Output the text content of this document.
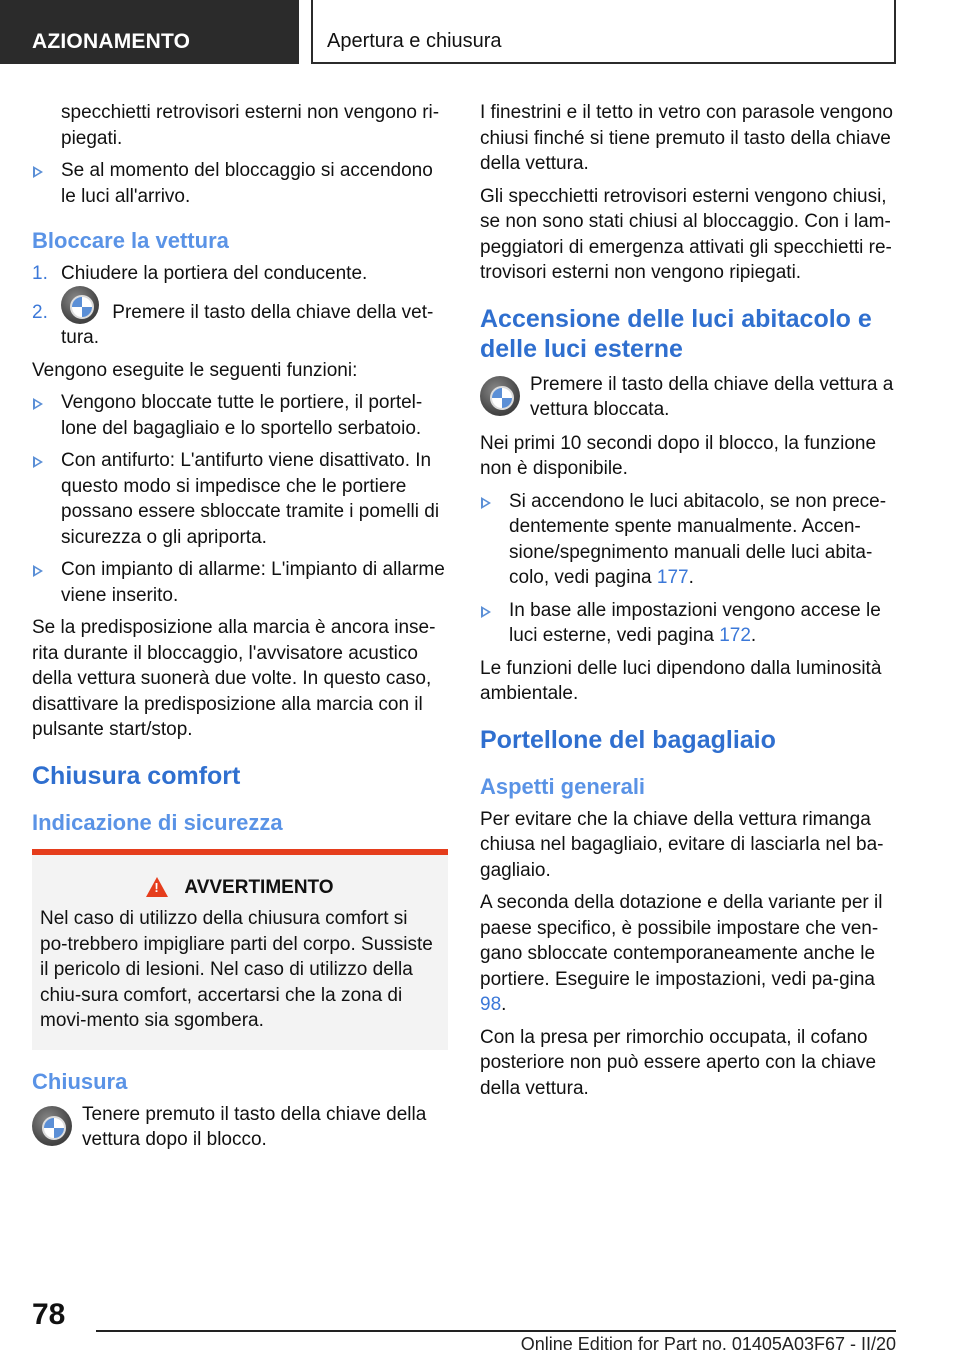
AZIONAMENTO	Apertura e chiusura

specchietti retrovisori esterni non vengono ri-piegati.

Se al momento del bloccaggio si accendono le luci all'arrivo.
Bloccare la vettura
1. Chiudere la portiera del conducente.
2.	Premere il tasto della chiave della vet-tura.

Vengono eseguite le seguenti funzioni:

Vengono bloccate tutte le portiere, il portel-lone del bagagliaio e lo sportello serbatoio.
Con antifurto: L'antifurto viene disattivato. In questo modo si impedisce che le portiere possano essere sbloccate tramite i pomelli di sicurezza o gli apriporta.
Con impianto di allarme: L'impianto di allarme viene inserito.

Se la predisposizione alla marcia è ancora inse-rita durante il bloccaggio, l'avvisatore acustico della vettura suonerà due volte. In questo caso, disattivare la predisposizione alla marcia con il pulsante start/stop.

Chiusura comfort
Indicazione di sicurezza
!
AVVERTIMENTO

Nel caso di utilizzo della chiusura comfort si po-trebbero impigliare parti del corpo. Sussiste il pericolo di lesioni. Nel caso di utilizzo della chiu-sura comfort, accertarsi che la zona di movi-mento sia sgombera.

Chiusura
Tenere premuto il tasto della chiave della vettura dopo il blocco.

I finestrini e il tetto in vetro con parasole vengono chiusi finché si tiene premuto il tasto della chiave della vettura.

Gli specchietti retrovisori esterni vengono chiusi, se non sono stati chiusi al bloccaggio. Con i lam-peggiatori di emergenza attivati gli specchietti re-trovisori esterni non vengono ripiegati.

Accensione delle luci abitacolo e delle luci esterne
Premere il tasto della chiave della vettura a vettura bloccata.

Nei primi 10 secondi dopo il blocco, la funzione non è disponibile.

Si accendono le luci abitacolo, se non prece-dentemente spente manualmente. Accen-sione/spegnimento manuali delle luci abita-colo, vedi pagina 177.
In base alle impostazioni vengono accese le luci esterne, vedi pagina 172.

Le funzioni delle luci dipendono dalla luminosità ambientale.

Portellone del bagagliaio
Aspetti generali

Per evitare che la chiave della vettura rimanga chiusa nel bagagliaio, evitare di lasciarla nel ba-gagliaio.

A seconda della dotazione e della variante per il paese specifico, è possibile impostare che ven-gano sbloccate contemporaneamente anche le portiere. Eseguire le impostazioni, vedi pa-gina 98.

Con la presa per rimorchio occupata, il cofano posteriore non può essere aperto con la chiave della vettura.

78
Online Edition for Part no. 01405A03F67 - II/20
